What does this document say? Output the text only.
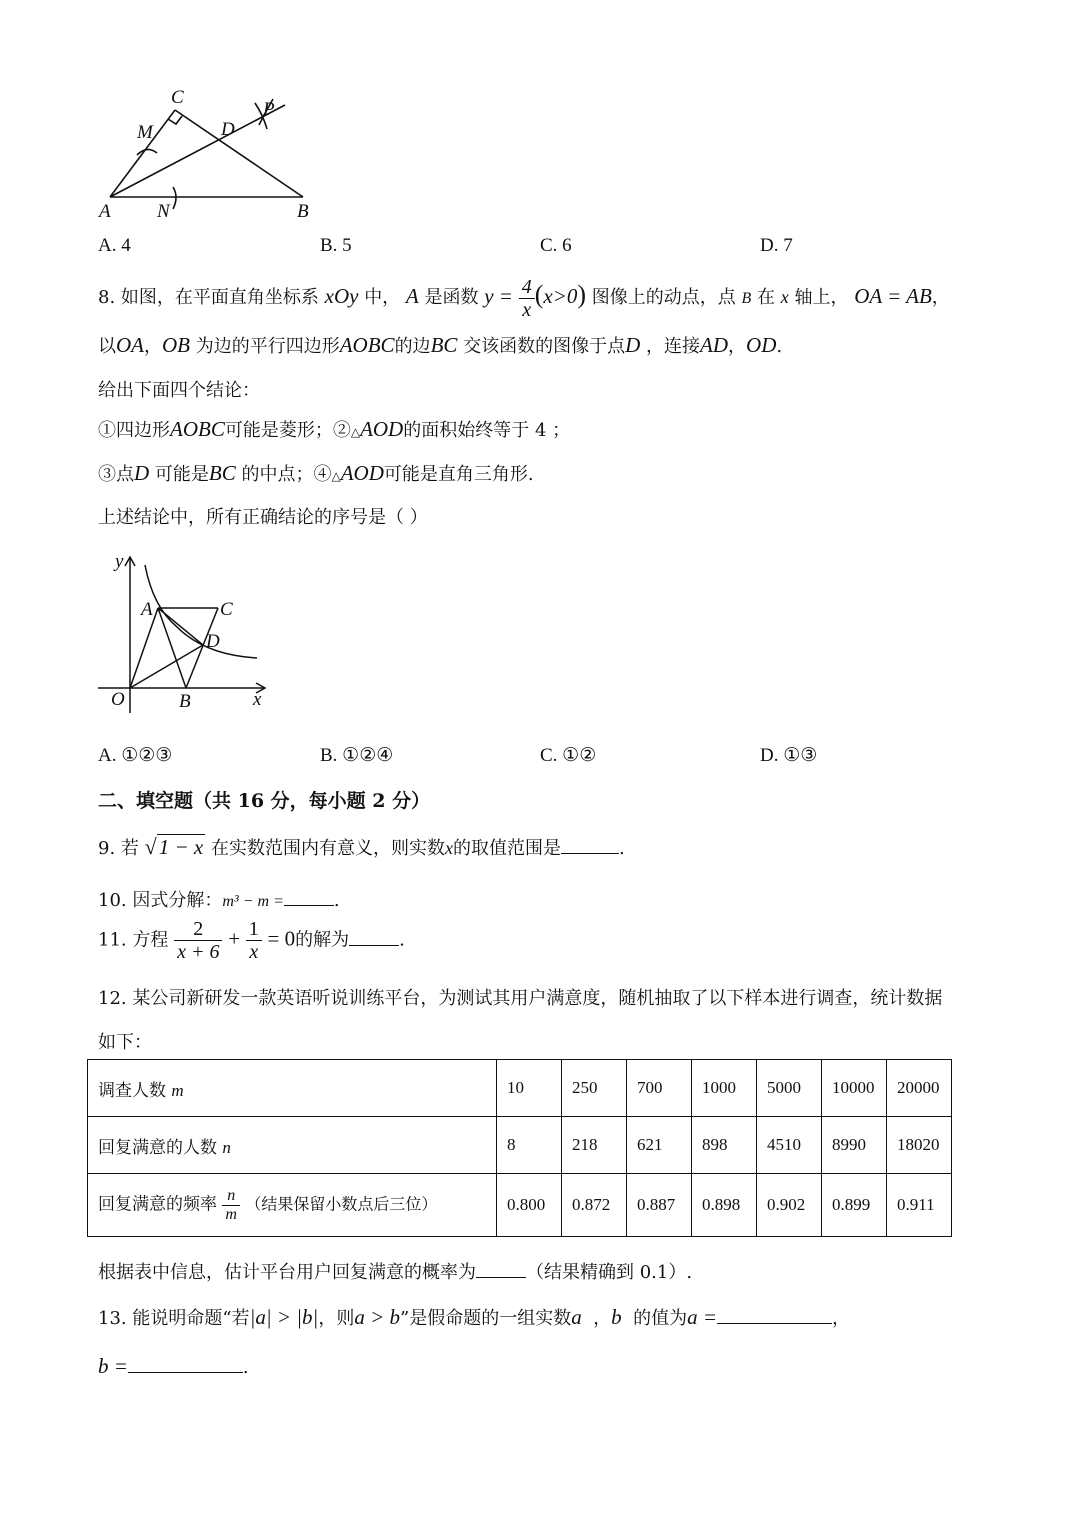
C
M	D
P
A N	B
A. 4	B. 5	C. 6	D. 7
8. 如图，在平面直角坐标系 xOy 中， A 是函数 $y = \frac{4}{x} (x>0)$ 图像上的动点，点 B 在 x 轴上， OA = AB，
以OA，OB 为边的平行四边形AOBC的边BC 交该函数的图像于点D ，连接AD，OD.
给出下面四个结论：
①四边形AOBC可能是菱形；②△AOD的面积始终等于 4 ；
③点D 可能是BC 的中点；④△AOD可能是直角三角形.
上述结论中，所有正确结论的序号是（ ）
y
A	C
D
O	B	x
A. ①②③	B. ①②④	C. ①②	D. ①③
二、填空题（共 16 分，每小题 2 分）
9. 若 √1 − x 在实数范围内有意义，则实数x的取值范围是	.
10. 因式分解：m³ − m =	.
11. 方程 $\frac{2}{x + 6} + \frac{1}{x} = 0$的解为	.
12. 某公司新研发一款英语听说训练平台，为测试其用户满意度，随机抽取了以下样本进行调查，统计数据
如下：
调查人数 m	10	250	700	1000	5000	10000	20000
回复满意的人数 n	8	218	621	898	4510	8990	18020
回复满意的频率 $\frac{n}{m}$ （结果保留小数点后三位）	0.800	0.872	0.887	0.898	0.902	0.899	0.911
根据表中信息，估计平台用户回复满意的概率为	（结果精确到 0.1）.
13. 能说明命题“若|a| > |b|，则a > b”是假命题的一组实数a ，b 的值为a =	，
b =	.
